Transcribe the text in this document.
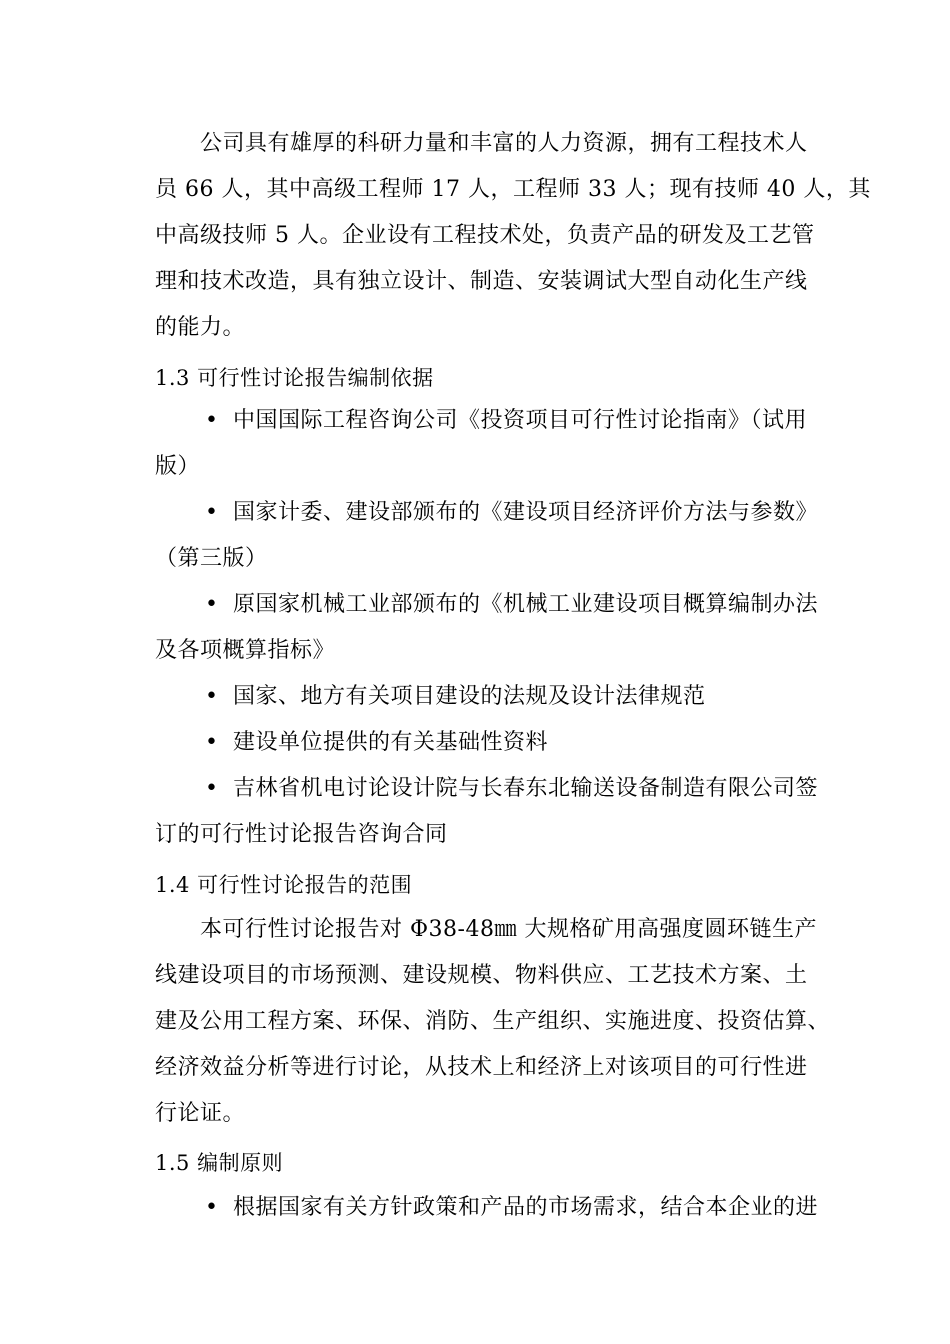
公司具有雄厚的科研力量和丰富的人力资源，拥有工程技术人
员 66 人，其中高级工程师 17 人，工程师 33 人；现有技师 40 人，其
中高级技师 5 人。企业设有工程技术处，负责产品的研发及工艺管
理和技术改造，具有独立设计、制造、安装调试大型自动化生产线
的能力。
1.3 可行性讨论报告编制依据
• 中国国际工程咨询公司《投资项目可行性讨论指南》（试用
版）
• 国家计委、建设部颁布的《建设项目经济评价方法与参数》
（第三版）
• 原国家机械工业部颁布的《机械工业建设项目概算编制办法
及各项概算指标》
• 国家、地方有关项目建设的法规及设计法律规范
• 建设单位提供的有关基础性资料
• 吉林省机电讨论设计院与长春东北输送设备制造有限公司签
订的可行性讨论报告咨询合同
1.4 可行性讨论报告的范围
本可行性讨论报告对 Φ38-48㎜ 大规格矿用高强度圆环链生产
线建设项目的市场预测、建设规模、物料供应、工艺技术方案、土
建及公用工程方案、环保、消防、生产组织、实施进度、投资估算、
经济效益分析等进行讨论，从技术上和经济上对该项目的可行性进
行论证。
1.5 编制原则
• 根据国家有关方针政策和产品的市场需求，结合本企业的进
